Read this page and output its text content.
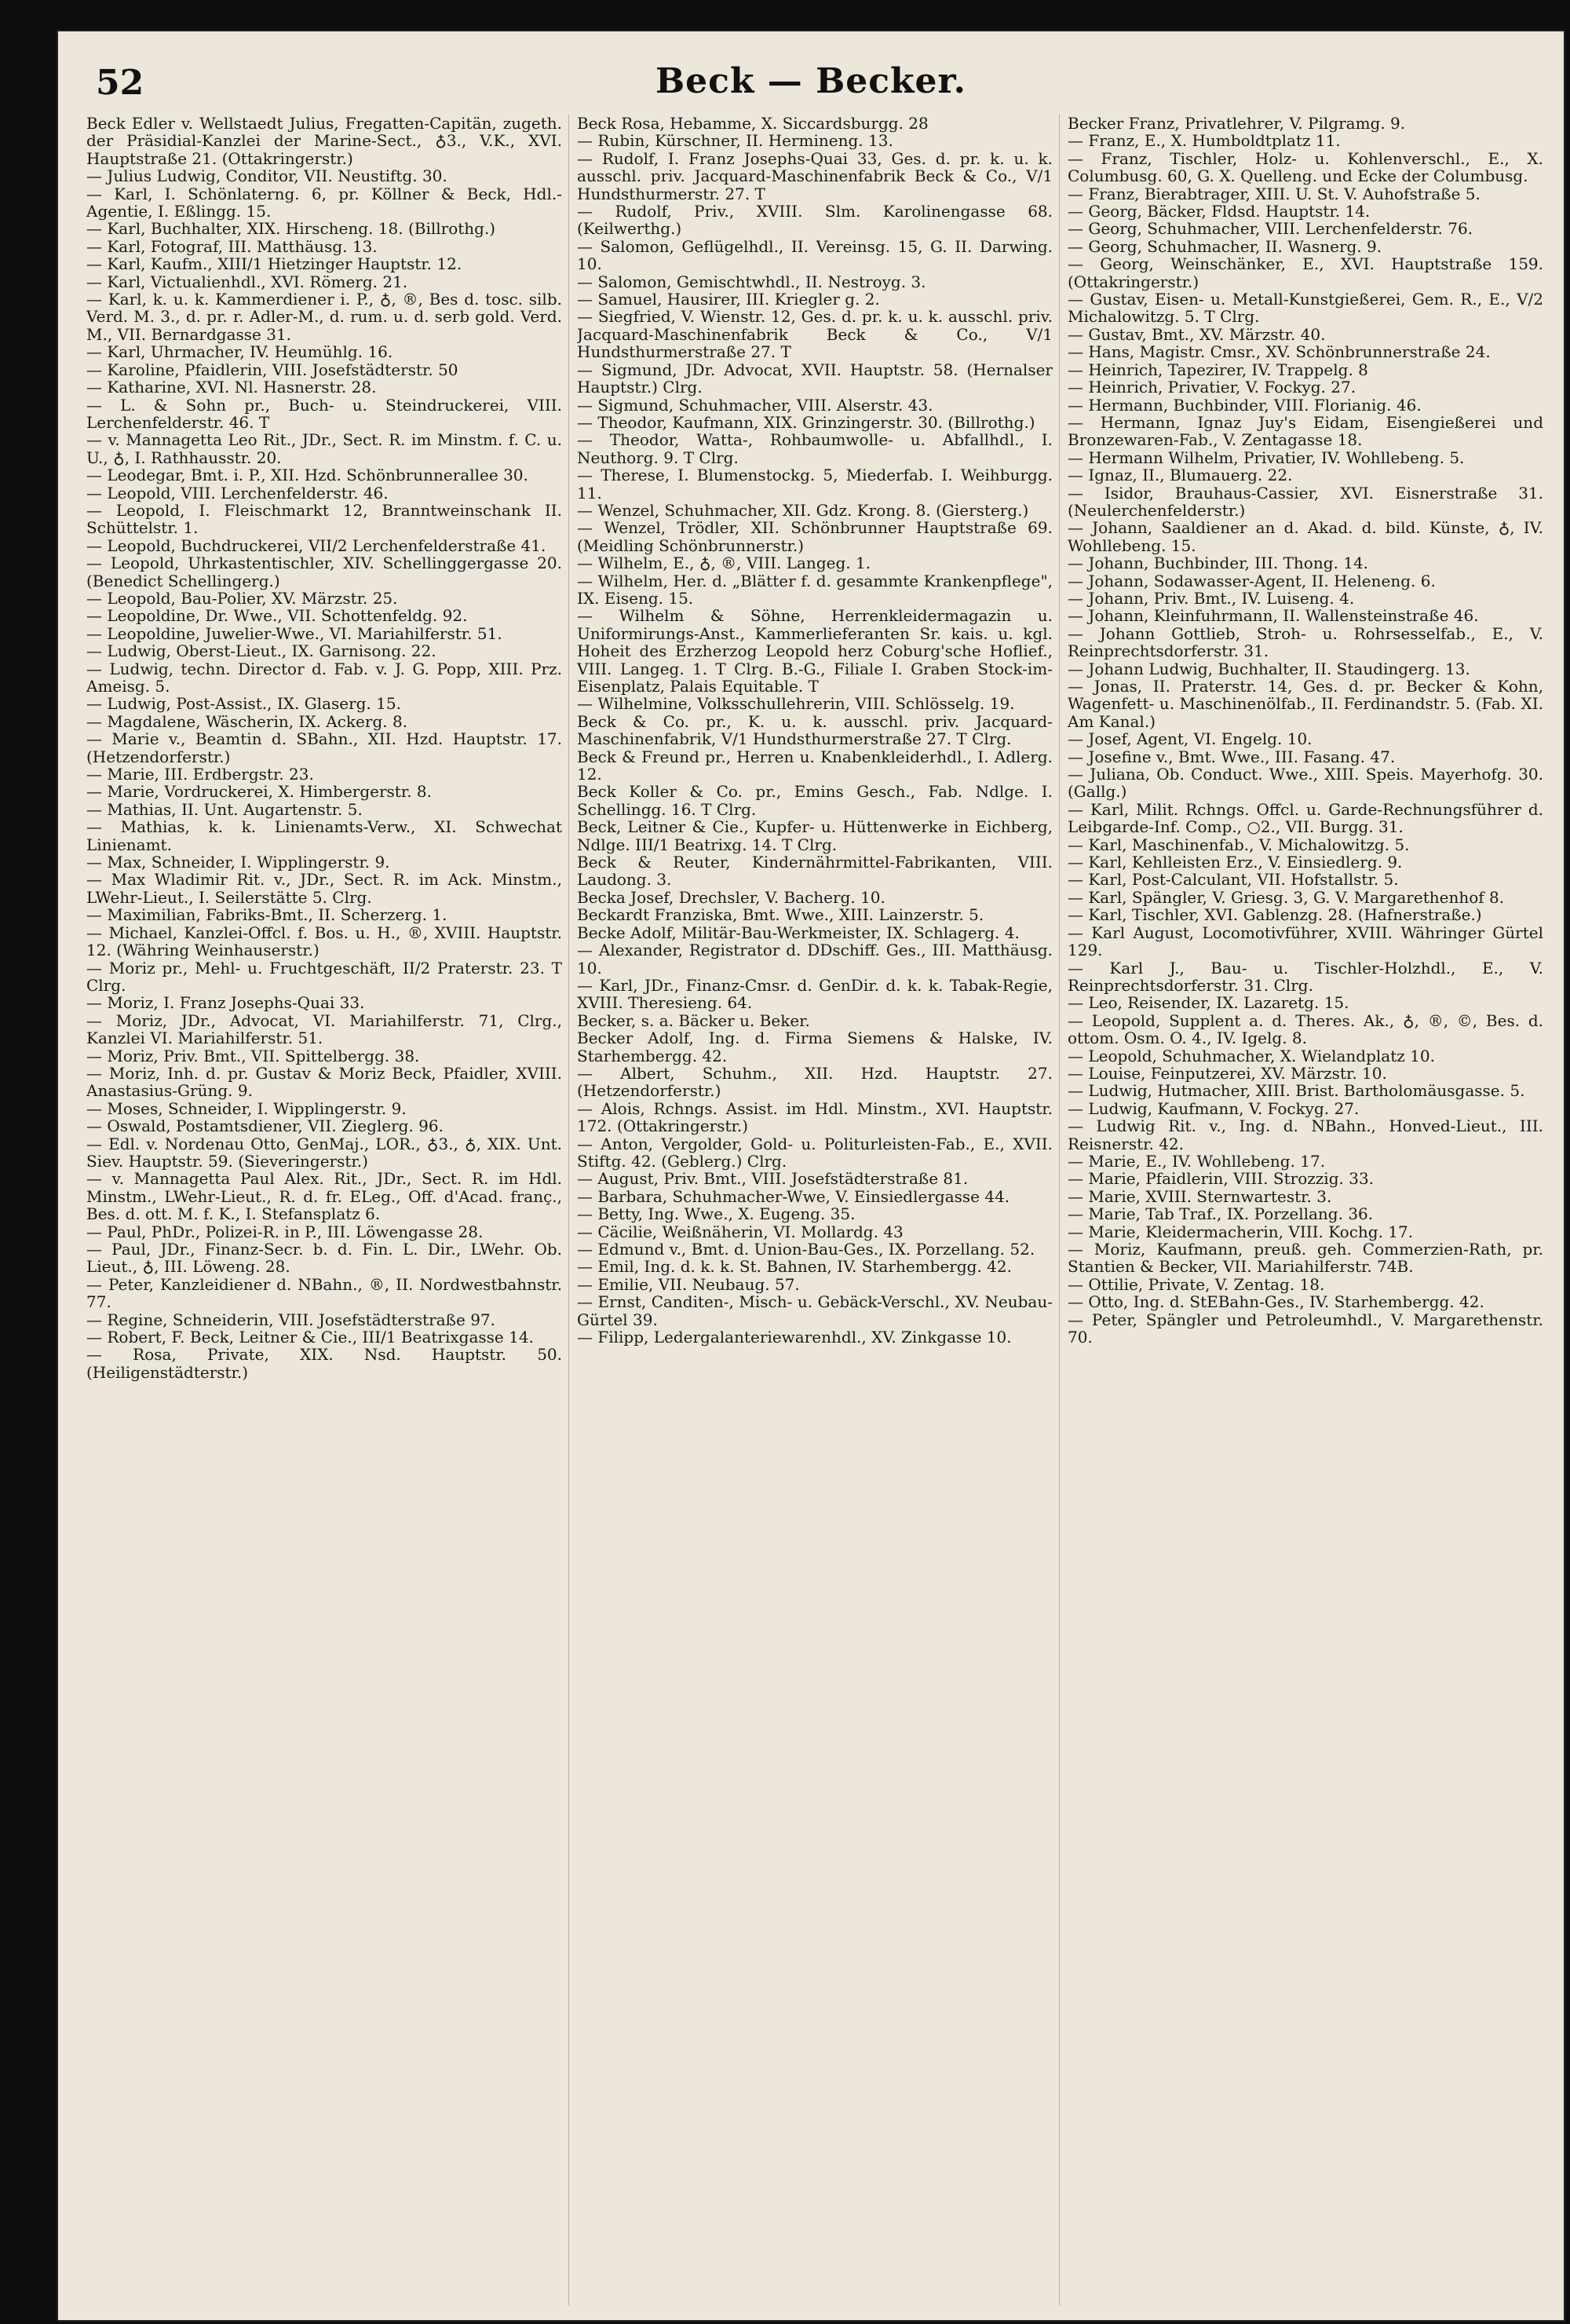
52	Beck — Becker.

Beck Edler v. Wellstaedt Julius, Fregatten-Capitän, zugeth. der Präsidial-Kanzlei der Marine-Sect., ♁3., V.K., XVI. Hauptstraße 21. (Ottakringerstr.)

— Julius Ludwig, Conditor, VII. Neustiftg. 30.

— Karl, I. Schönlaterng. 6, pr. Köllner & Beck, Hdl.-Agentie, I. Eßlingg. 15.

— Karl, Buchhalter, XIX. Hirscheng. 18. (Billrothg.)

— Karl, Fotograf, III. Matthäusg. 13.

— Karl, Kaufm., XIII/1 Hietzinger Hauptstr. 12.

— Karl, Victualienhdl., XVI. Römerg. 21.

— Karl, k. u. k. Kammerdiener i. P., ♁, ®, Bes d. tosc. silb. Verd. M. 3., d. pr. r. Adler-M., d. rum. u. d. serb gold. Verd. M., VII. Bernardgasse 31.

— Karl, Uhrmacher, IV. Heumühlg. 16.

— Karoline, Pfaidlerin, VIII. Josefstädterstr. 50

— Katharine, XVI. Nl. Hasnerstr. 28.

— L. & Sohn pr., Buch- u. Steindruckerei, VIII. Lerchenfelderstr. 46. T

— v. Mannagetta Leo Rit., JDr., Sect. R. im Minstm. f. C. u. U., ♁, I. Rathhausstr. 20.

— Leodegar, Bmt. i. P., XII. Hzd. Schönbrunnerallee 30.

— Leopold, VIII. Lerchenfelderstr. 46.

— Leopold, I. Fleischmarkt 12, Branntweinschank II. Schüttelstr. 1.

— Leopold, Buchdruckerei, VII/2 Lerchenfelderstraße 41.

— Leopold, Uhrkastentischler, XIV. Schellinggergasse 20. (Benedict Schellingerg.)

— Leopold, Bau-Polier, XV. Märzstr. 25.

— Leopoldine, Dr. Wwe., VII. Schottenfeldg. 92.

— Leopoldine, Juwelier-Wwe., VI. Mariahilferstr. 51.

— Ludwig, Oberst-Lieut., IX. Garnisong. 22.

— Ludwig, techn. Director d. Fab. v. J. G. Popp, XIII. Prz. Ameisg. 5.

— Ludwig, Post-Assist., IX. Glaserg. 15.

— Magdalene, Wäscherin, IX. Ackerg. 8.

— Marie v., Beamtin d. SBahn., XII. Hzd. Hauptstr. 17. (Hetzendorferstr.)

— Marie, III. Erdbergstr. 23.

— Marie, Vordruckerei, X. Himbergerstr. 8.

— Mathias, II. Unt. Augartenstr. 5.

— Mathias, k. k. Linienamts-Verw., XI. Schwechat Linienamt.

— Max, Schneider, I. Wipplingerstr. 9.

— Max Wladimir Rit. v., JDr., Sect. R. im Ack. Minstm., LWehr-Lieut., I. Seilerstätte 5. Clrg.

— Maximilian, Fabriks-Bmt., II. Scherzerg. 1.

— Michael, Kanzlei-Offcl. f. Bos. u. H., ®, XVIII. Hauptstr. 12. (Währing Weinhauserstr.)

— Moriz pr., Mehl- u. Fruchtgeschäft, II/2 Praterstr. 23. T Clrg.

— Moriz, I. Franz Josephs-Quai 33.

— Moriz, JDr., Advocat, VI. Mariahilferstr. 71, Clrg., Kanzlei VI. Mariahilferstr. 51.

— Moriz, Priv. Bmt., VII. Spittelbergg. 38.

— Moriz, Inh. d. pr. Gustav & Moriz Beck, Pfaidler, XVIII. Anastasius-Grüng. 9.

— Moses, Schneider, I. Wipplingerstr. 9.

— Oswald, Postamtsdiener, VII. Zieglerg. 96.

— Edl. v. Nordenau Otto, GenMaj., LOR., ♁3., ♁, XIX. Unt. Siev. Hauptstr. 59. (Sieveringerstr.)

— v. Mannagetta Paul Alex. Rit., JDr., Sect. R. im Hdl. Minstm., LWehr-Lieut., R. d. fr. ELeg., Off. d'Acad. franç., Bes. d. ott. M. f. K., I. Stefansplatz 6.

— Paul, PhDr., Polizei-R. in P., III. Löwengasse 28.

— Paul, JDr., Finanz-Secr. b. d. Fin. L. Dir., LWehr. Ob. Lieut., ♁, III. Löweng. 28.

— Peter, Kanzleidiener d. NBahn., ®, II. Nordwestbahnstr. 77.

— Regine, Schneiderin, VIII. Josefstädterstraße 97.

— Robert, F. Beck, Leitner & Cie., III/1 Beatrixgasse 14.

— Rosa, Private, XIX. Nsd. Hauptstr. 50. (Heiligenstädterstr.)

Beck Rosa, Hebamme, X. Siccardsburgg. 28

— Rubin, Kürschner, II. Hermineng. 13.

— Rudolf, I. Franz Josephs-Quai 33, Ges. d. pr. k. u. k. ausschl. priv. Jacquard-Maschinenfabrik Beck & Co., V/1 Hundsthurmerstr. 27. T

— Rudolf, Priv., XVIII. Slm. Karolinengasse 68. (Keilwerthg.)

— Salomon, Geflügelhdl., II. Vereinsg. 15, G. II. Darwing. 10.

— Salomon, Gemischtwhdl., II. Nestroyg. 3.

— Samuel, Hausirer, III. Kriegler g. 2.

— Siegfried, V. Wienstr. 12, Ges. d. pr. k. u. k. ausschl. priv. Jacquard-Maschinenfabrik Beck & Co., V/1 Hundsthurmerstraße 27. T

— Sigmund, JDr. Advocat, XVII. Hauptstr. 58. (Hernalser Hauptstr.) Clrg.

— Sigmund, Schuhmacher, VIII. Alserstr. 43.

— Theodor, Kaufmann, XIX. Grinzingerstr. 30. (Billrothg.)

— Theodor, Watta-, Rohbaumwolle- u. Abfallhdl., I. Neuthorg. 9. T Clrg.

— Therese, I. Blumenstockg. 5, Miederfab. I. Weihburgg. 11.

— Wenzel, Schuhmacher, XII. Gdz. Krong. 8. (Giersterg.)

— Wenzel, Trödler, XII. Schönbrunner Hauptstraße 69. (Meidling Schönbrunnerstr.)

— Wilhelm, E., ♁, ®, VIII. Langeg. 1.

— Wilhelm, Her. d. „Blätter f. d. gesammte Krankenpflege", IX. Eiseng. 15.

— Wilhelm & Söhne, Herrenkleidermagazin u. Uniformirungs-Anst., Kammerlieferanten Sr. kais. u. kgl. Hoheit des Erzherzog Leopold herz Coburg'sche Hoflief., VIII. Langeg. 1. T Clrg. B.-G., Filiale I. Graben Stock-im-Eisenplatz, Palais Equitable. T

— Wilhelmine, Volksschullehrerin, VIII. Schlösselg. 19.

Beck & Co. pr., K. u. k. ausschl. priv. Jacquard-Maschinenfabrik, V/1 Hundsthurmerstraße 27. T Clrg.

Beck & Freund pr., Herren u. Knabenkleiderhdl., I. Adlerg. 12.

Beck Koller & Co. pr., Emins Gesch., Fab. Ndlge. I. Schellingg. 16. T Clrg.

Beck, Leitner & Cie., Kupfer- u. Hüttenwerke in Eichberg, Ndlge. III/1 Beatrixg. 14. T Clrg.

Beck & Reuter, Kindernährmittel-Fabrikanten, VIII. Laudong. 3.

Becka Josef, Drechsler, V. Bacherg. 10.

Beckardt Franziska, Bmt. Wwe., XIII. Lainzerstr. 5.

Becke Adolf, Militär-Bau-Werkmeister, IX. Schlagerg. 4.

— Alexander, Registrator d. DDschiff. Ges., III. Matthäusg. 10.

— Karl, JDr., Finanz-Cmsr. d. GenDir. d. k. k. Tabak-Regie, XVIII. Theresieng. 64.

Becker, s. a. Bäcker u. Beker.

Becker Adolf, Ing. d. Firma Siemens & Halske, IV. Starhembergg. 42.

— Albert, Schuhm., XII. Hzd. Hauptstr. 27. (Hetzendorferstr.)

— Alois, Rchngs. Assist. im Hdl. Minstm., XVI. Hauptstr. 172. (Ottakringerstr.)

— Anton, Vergolder, Gold- u. Politurleisten-Fab., E., XVII. Stiftg. 42. (Geblerg.) Clrg.

— August, Priv. Bmt., VIII. Josefstädterstraße 81.

— Barbara, Schuhmacher-Wwe, V. Einsiedlergasse 44.

— Betty, Ing. Wwe., X. Eugeng. 35.

— Cäcilie, Weißnäherin, VI. Mollardg. 43

— Edmund v., Bmt. d. Union-Bau-Ges., IX. Porzellang. 52.

— Emil, Ing. d. k. k. St. Bahnen, IV. Starhembergg. 42.

— Emilie, VII. Neubaug. 57.

— Ernst, Canditen-, Misch- u. Gebäck-Verschl., XV. Neubau-Gürtel 39.

— Filipp, Ledergalanteriewarenhdl., XV. Zinkgasse 10.

Becker Franz, Privatlehrer, V. Pilgramg. 9.

— Franz, E., X. Humboldtplatz 11.

— Franz, Tischler, Holz- u. Kohlenverschl., E., X. Columbusg. 60, G. X. Quelleng. und Ecke der Columbusg.

— Franz, Bierabtrager, XIII. U. St. V. Auhofstraße 5.

— Georg, Bäcker, Fldsd. Hauptstr. 14.

— Georg, Schuhmacher, VIII. Lerchenfelderstr. 76.

— Georg, Schuhmacher, II. Wasnerg. 9.

— Georg, Weinschänker, E., XVI. Hauptstraße 159. (Ottakringerstr.)

— Gustav, Eisen- u. Metall-Kunstgießerei, Gem. R., E., V/2 Michalowitzg. 5. T Clrg.

— Gustav, Bmt., XV. Märzstr. 40.

— Hans, Magistr. Cmsr., XV. Schönbrunnerstraße 24.

— Heinrich, Tapezirer, IV. Trappelg. 8

— Heinrich, Privatier, V. Fockyg. 27.

— Hermann, Buchbinder, VIII. Florianig. 46.

— Hermann, Ignaz Juy's Eidam, Eisengießerei und Bronzewaren-Fab., V. Zentagasse 18.

— Hermann Wilhelm, Privatier, IV. Wohllebeng. 5.

— Ignaz, II., Blumauerg. 22.

— Isidor, Brauhaus-Cassier, XVI. Eisnerstraße 31. (Neulerchenfelderstr.)

— Johann, Saaldiener an d. Akad. d. bild. Künste, ♁, IV. Wohllebeng. 15.

— Johann, Buchbinder, III. Thong. 14.

— Johann, Sodawasser-Agent, II. Heleneng. 6.

— Johann, Priv. Bmt., IV. Luiseng. 4.

— Johann, Kleinfuhrmann, II. Wallensteinstraße 46.

— Johann Gottlieb, Stroh- u. Rohrsesselfab., E., V. Reinprechtsdorferstr. 31.

— Johann Ludwig, Buchhalter, II. Staudingerg. 13.

— Jonas, II. Praterstr. 14, Ges. d. pr. Becker & Kohn, Wagenfett- u. Maschinenölfab., II. Ferdinandstr. 5. (Fab. XI. Am Kanal.)

— Josef, Agent, VI. Engelg. 10.

— Josefine v., Bmt. Wwe., III. Fasang. 47.

— Juliana, Ob. Conduct. Wwe., XIII. Speis. Mayerhofg. 30. (Gallg.)

— Karl, Milit. Rchngs. Offcl. u. Garde-Rechnungsführer d. Leibgarde-Inf. Comp., ○2., VII. Burgg. 31.

— Karl, Maschinenfab., V. Michalowitzg. 5.

— Karl, Kehlleisten Erz., V. Einsiedlerg. 9.

— Karl, Post-Calculant, VII. Hofstallstr. 5.

— Karl, Spängler, V. Griesg. 3, G. V. Margarethenhof 8.

— Karl, Tischler, XVI. Gablenzg. 28. (Hafnerstraße.)

— Karl August, Locomotivführer, XVIII. Währinger Gürtel 129.

— Karl J., Bau- u. Tischler-Holzhdl., E., V. Reinprechtsdorferstr. 31. Clrg.

— Leo, Reisender, IX. Lazaretg. 15.

— Leopold, Supplent a. d. Theres. Ak., ♁, ®, ©, Bes. d. ottom. Osm. O. 4., IV. Igelg. 8.

— Leopold, Schuhmacher, X. Wielandplatz 10.

— Louise, Feinputzerei, XV. Märzstr. 10.

— Ludwig, Hutmacher, XIII. Brist. Bartholomäusgasse. 5.

— Ludwig, Kaufmann, V. Fockyg. 27.

— Ludwig Rit. v., Ing. d. NBahn., Honved-Lieut., III. Reisnerstr. 42.

— Marie, E., IV. Wohllebeng. 17.

— Marie, Pfaidlerin, VIII. Strozzig. 33.

— Marie, XVIII. Sternwartestr. 3.

— Marie, Tab Traf., IX. Porzellang. 36.

— Marie, Kleidermacherin, VIII. Kochg. 17.

— Moriz, Kaufmann, preuß. geh. Commerzien-Rath, pr. Stantien & Becker, VII. Mariahilferstr. 74B.

— Ottilie, Private, V. Zentag. 18.

— Otto, Ing. d. StEBahn-Ges., IV. Starhembergg. 42.

— Peter, Spängler und Petroleumhdl., V. Margarethenstr. 70.
